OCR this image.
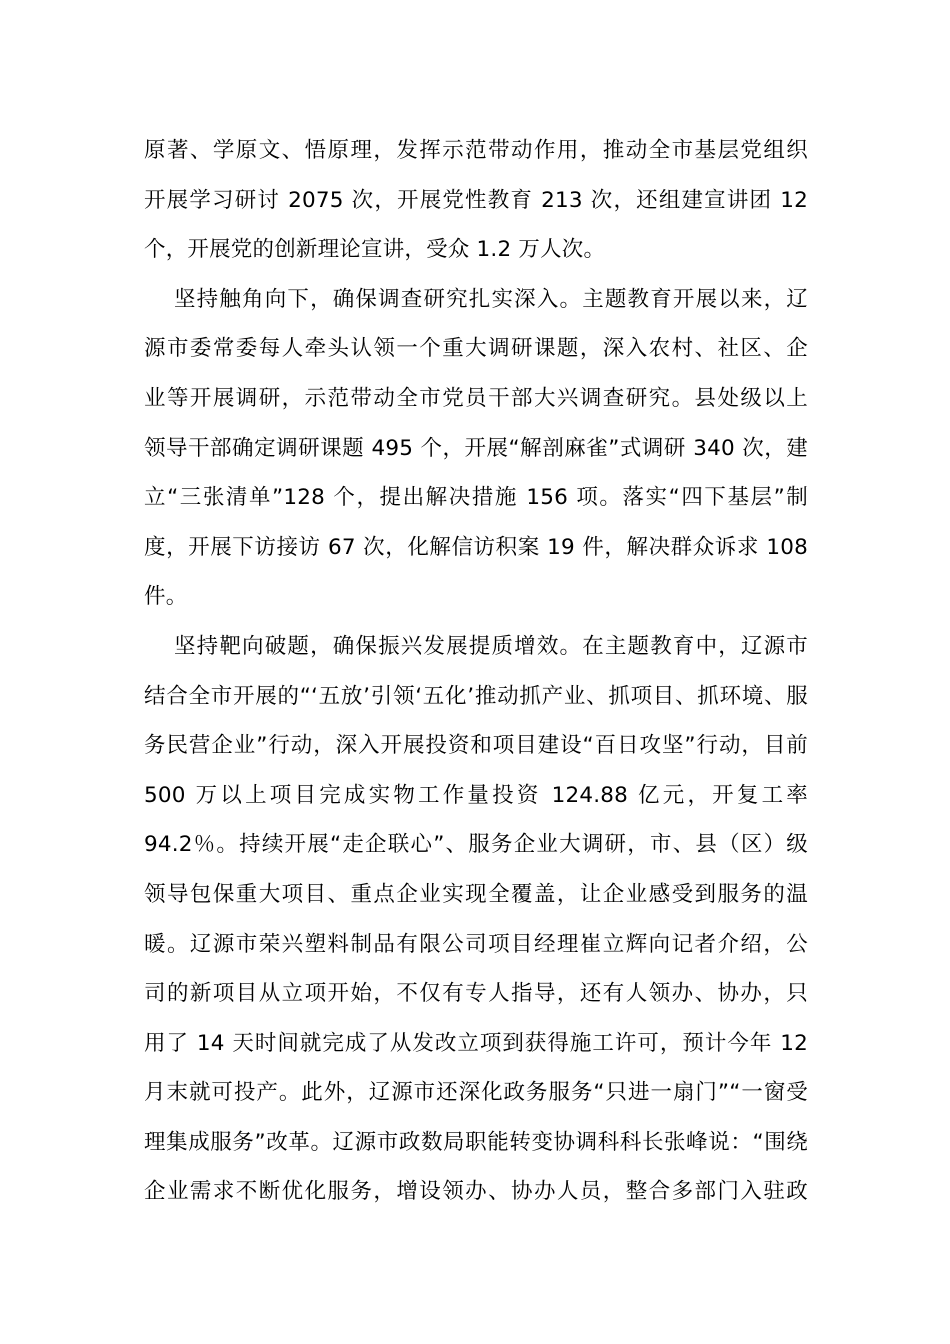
原著、学原文、悟原理，发挥示范带动作用，推动全市基层党组织
开展学习研讨 2075 次，开展党性教育 213 次，还组建宣讲团 12
个，开展党的创新理论宣讲，受众 1.2 万人次。
坚持触角向下，确保调查研究扎实深入。主题教育开展以来，辽
源市委常委每人牵头认领一个重大调研课题，深入农村、社区、企
业等开展调研，示范带动全市党员干部大兴调查研究。县处级以上
领导干部确定调研课题 495 个，开展“解剖麻雀”式调研 340 次，建
立“三张清单”128 个，提出解决措施 156 项。落实“四下基层”制
度，开展下访接访 67 次，化解信访积案 19 件，解决群众诉求 108
件。
坚持靶向破题，确保振兴发展提质增效。在主题教育中，辽源市
结合全市开展的“‘五放’引领‘五化’推动抓产业、抓项目、抓环境、服
务民营企业”行动，深入开展投资和项目建设“百日攻坚”行动，目前
500 万以上项目完成实物工作量投资 124.88 亿元，开复工率
94.2％。持续开展“走企联心”、服务企业大调研，市、县（区）级
领导包保重大项目、重点企业实现全覆盖，让企业感受到服务的温
暖。辽源市荣兴塑料制品有限公司项目经理崔立辉向记者介绍，公
司的新项目从立项开始，不仅有专人指导，还有人领办、协办，只
用了 14 天时间就完成了从发改立项到获得施工许可，预计今年 12
月末就可投产。此外，辽源市还深化政务服务“只进一扇门”“一窗受
理集成服务”改革。辽源市政数局职能转变协调科科长张峰说：“围绕
企业需求不断优化服务，增设领办、协办人员，整合多部门入驻政
